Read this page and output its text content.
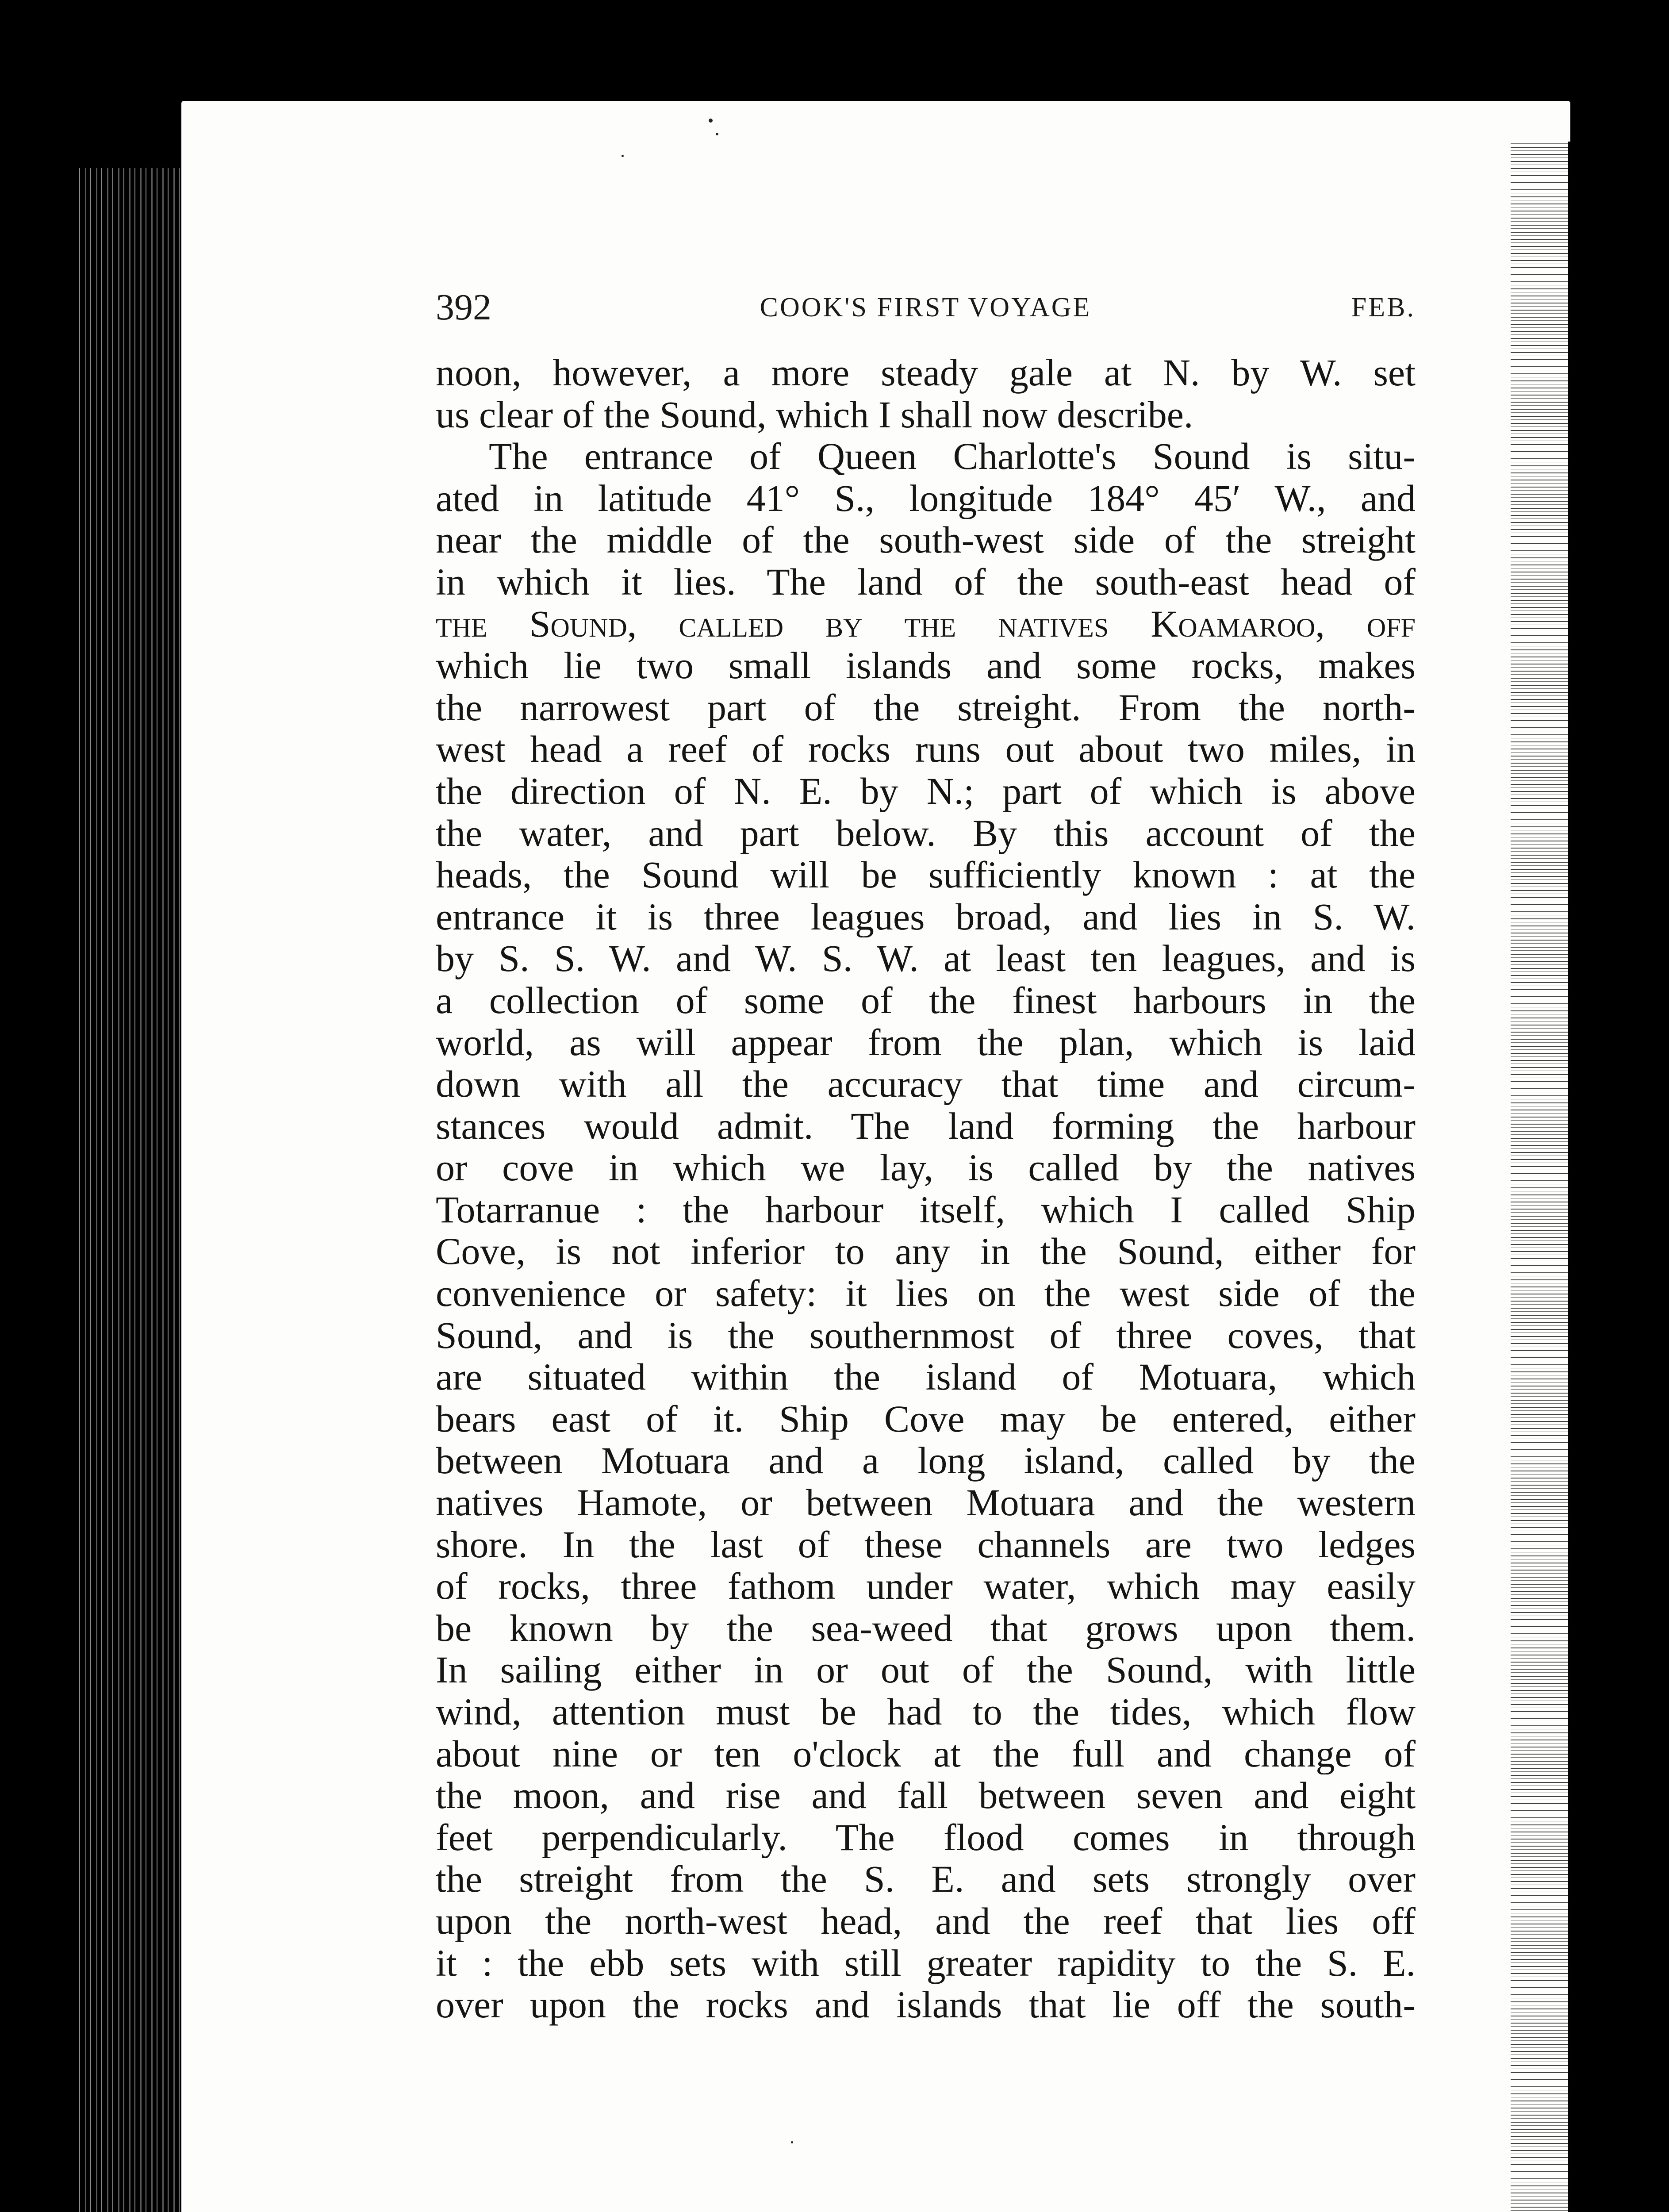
392	COOK'S FIRST VOYAGE	FEB.
noon, however, a more steady gale at N. by W. set
us clear of the Sound, which I shall now describe.
The entrance of Queen Charlotte's Sound is situ-
ated in latitude 41° S., longitude 184° 45′ W., and
near the middle of the south-west side of the streight
in which it lies. The land of the south-east head of
the Sound, called by the natives Koamaroo, off
which lie two small islands and some rocks, makes
the narrowest part of the streight. From the north-
west head a reef of rocks runs out about two miles, in
the direction of N. E. by N.; part of which is above
the water, and part below. By this account of the
heads, the Sound will be sufficiently known : at the
entrance it is three leagues broad, and lies in S. W.
by S. S. W. and W. S. W. at least ten leagues, and is
a collection of some of the finest harbours in the
world, as will appear from the plan, which is laid
down with all the accuracy that time and circum-
stances would admit. The land forming the harbour
or cove in which we lay, is called by the natives
Totarranue : the harbour itself, which I called Ship
Cove, is not inferior to any in the Sound, either for
convenience or safety: it lies on the west side of the
Sound, and is the southernmost of three coves, that
are situated within the island of Motuara, which
bears east of it. Ship Cove may be entered, either
between Motuara and a long island, called by the
natives Hamote, or between Motuara and the western
shore. In the last of these channels are two ledges
of rocks, three fathom under water, which may easily
be known by the sea-weed that grows upon them.
In sailing either in or out of the Sound, with little
wind, attention must be had to the tides, which flow
about nine or ten o'clock at the full and change of
the moon, and rise and fall between seven and eight
feet perpendicularly. The flood comes in through
the streight from the S. E. and sets strongly over
upon the north-west head, and the reef that lies off
it : the ebb sets with still greater rapidity to the S. E.
over upon the rocks and islands that lie off the south-
